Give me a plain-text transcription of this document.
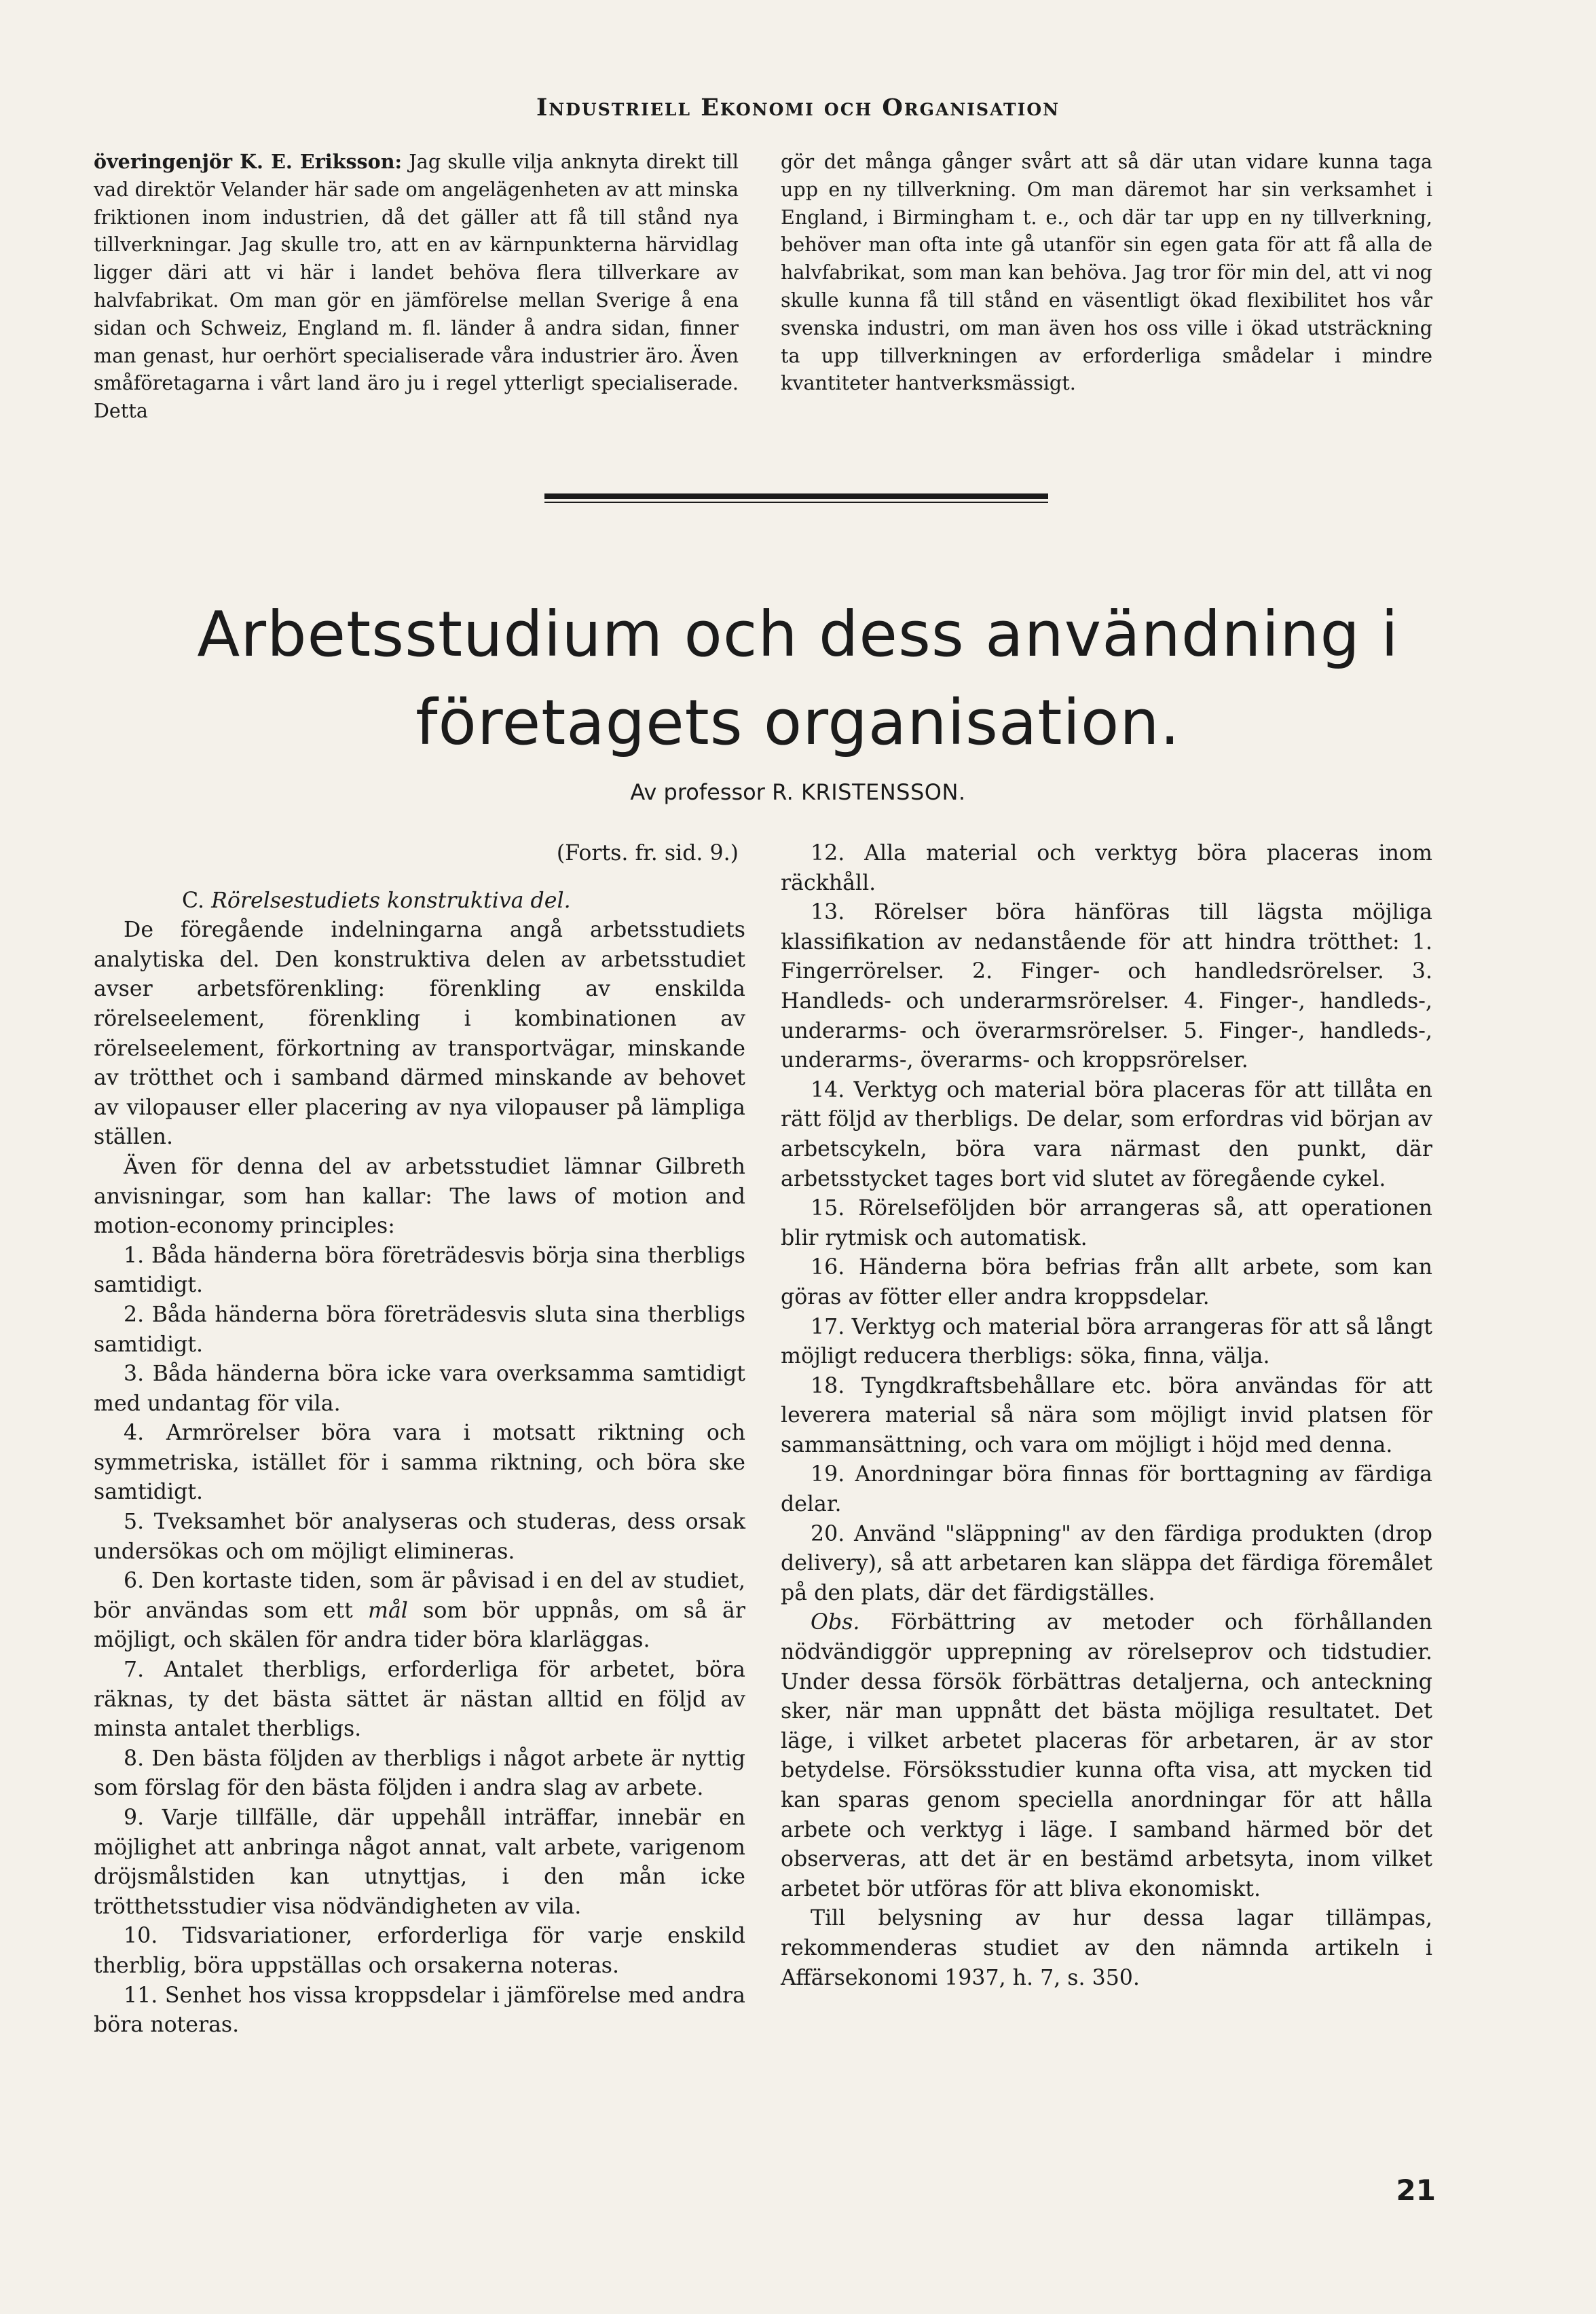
Industriell Ekonomi och Organisation

överingenjör K. E. Eriksson: Jag skulle vilja anknyta direkt till vad direktör Velander här sade om angelägenheten av att minska friktionen inom industrien, då det gäller att få till stånd nya tillverkningar. Jag skulle tro, att en av kärnpunkterna härvidlag ligger däri att vi här i landet behöva flera tillverkare av halvfabrikat. Om man gör en jämförelse mellan Sverige å ena sidan och Schweiz, England m. fl. länder å andra sidan, finner man genast, hur oerhört specialiserade våra industrier äro. Även småföretagarna i vårt land äro ju i regel ytterligt specialiserade. Detta

gör det många gånger svårt att så där utan vidare kunna taga upp en ny tillverkning. Om man däremot har sin verksamhet i England, i Birmingham t. e., och där tar upp en ny tillverkning, behöver man ofta inte gå utanför sin egen gata för att få alla de halvfabrikat, som man kan behöva. Jag tror för min del, att vi nog skulle kunna få till stånd en väsentligt ökad flexibilitet hos vår svenska industri, om man även hos oss ville i ökad utsträckning ta upp tillverkningen av erforderliga smådelar i mindre kvantiteter hantverksmässigt.

Arbetsstudium och dess användning i
företagets organisation.
Av professor R. KRISTENSSON.

(Forts. fr. sid. 9.)

C. Rörelsestudiets konstruktiva del.

De föregående indelningarna angå arbetsstudiets analytiska del. Den konstruktiva delen av arbetsstudiet avser arbetsförenkling: förenkling av enskilda rörelseelement, förenkling i kombinationen av rörelseelement, förkortning av transportvägar, minskande av trötthet och i samband därmed minskande av behovet av vilopauser eller placering av nya vilopauser på lämpliga ställen.

Även för denna del av arbetsstudiet lämnar Gilbreth anvisningar, som han kallar: The laws of motion and motion-economy principles:

1. Båda händerna böra företrädesvis börja sina therbligs samtidigt.

2. Båda händerna böra företrädesvis sluta sina therbligs samtidigt.

3. Båda händerna böra icke vara overksamma samtidigt med undantag för vila.

4. Armrörelser böra vara i motsatt riktning och symmetriska, istället för i samma riktning, och böra ske samtidigt.

5. Tveksamhet bör analyseras och studeras, dess orsak undersökas och om möjligt elimineras.

6. Den kortaste tiden, som är påvisad i en del av studiet, bör användas som ett mål som bör uppnås, om så är möjligt, och skälen för andra tider böra klarläggas.

7. Antalet therbligs, erforderliga för arbetet, böra räknas, ty det bästa sättet är nästan alltid en följd av minsta antalet therbligs.

8. Den bästa följden av therbligs i något arbete är nyttig som förslag för den bästa följden i andra slag av arbete.

9. Varje tillfälle, där uppehåll inträffar, innebär en möjlighet att anbringa något annat, valt arbete, varigenom dröjsmålstiden kan utnyttjas, i den mån icke trötthetsstudier visa nödvändigheten av vila.

10. Tidsvariationer, erforderliga för varje enskild therblig, böra uppställas och orsakerna noteras.

11. Senhet hos vissa kroppsdelar i jämförelse med andra böra noteras.

12. Alla material och verktyg böra placeras inom räckhåll.

13. Rörelser böra hänföras till lägsta möjliga klassifikation av nedanstående för att hindra trötthet: 1. Fingerrörelser. 2. Finger- och handledsrörelser. 3. Handleds- och underarmsrörelser. 4. Finger-, handleds-, underarms- och överarmsrörelser. 5. Finger-, handleds-, underarms-, överarms- och kroppsrörelser.

14. Verktyg och material böra placeras för att tillåta en rätt följd av therbligs. De delar, som erfordras vid början av arbetscykeln, böra vara närmast den punkt, där arbetsstycket tages bort vid slutet av föregående cykel.

15. Rörelseföljden bör arrangeras så, att operationen blir rytmisk och automatisk.

16. Händerna böra befrias från allt arbete, som kan göras av fötter eller andra kroppsdelar.

17. Verktyg och material böra arrangeras för att så långt möjligt reducera therbligs: söka, finna, välja.

18. Tyngdkraftsbehållare etc. böra användas för att leverera material så nära som möjligt invid platsen för sammansättning, och vara om möjligt i höjd med denna.

19. Anordningar böra finnas för borttagning av färdiga delar.

20. Använd "släppning" av den färdiga produkten (drop delivery), så att arbetaren kan släppa det färdiga föremålet på den plats, där det färdigställes.

Obs. Förbättring av metoder och förhållanden nödvändiggör upprepning av rörelseprov och tidstudier. Under dessa försök förbättras detaljerna, och anteckning sker, när man uppnått det bästa möjliga resultatet. Det läge, i vilket arbetet placeras för arbetaren, är av stor betydelse. Försöksstudier kunna ofta visa, att mycken tid kan sparas genom speciella anordningar för att hålla arbete och verktyg i läge. I samband härmed bör det observeras, att det är en bestämd arbetsyta, inom vilket arbetet bör utföras för att bliva ekonomiskt.

Till belysning av hur dessa lagar tillämpas, rekommenderas studiet av den nämnda artikeln i Affärsekonomi 1937, h. 7, s. 350.

21
